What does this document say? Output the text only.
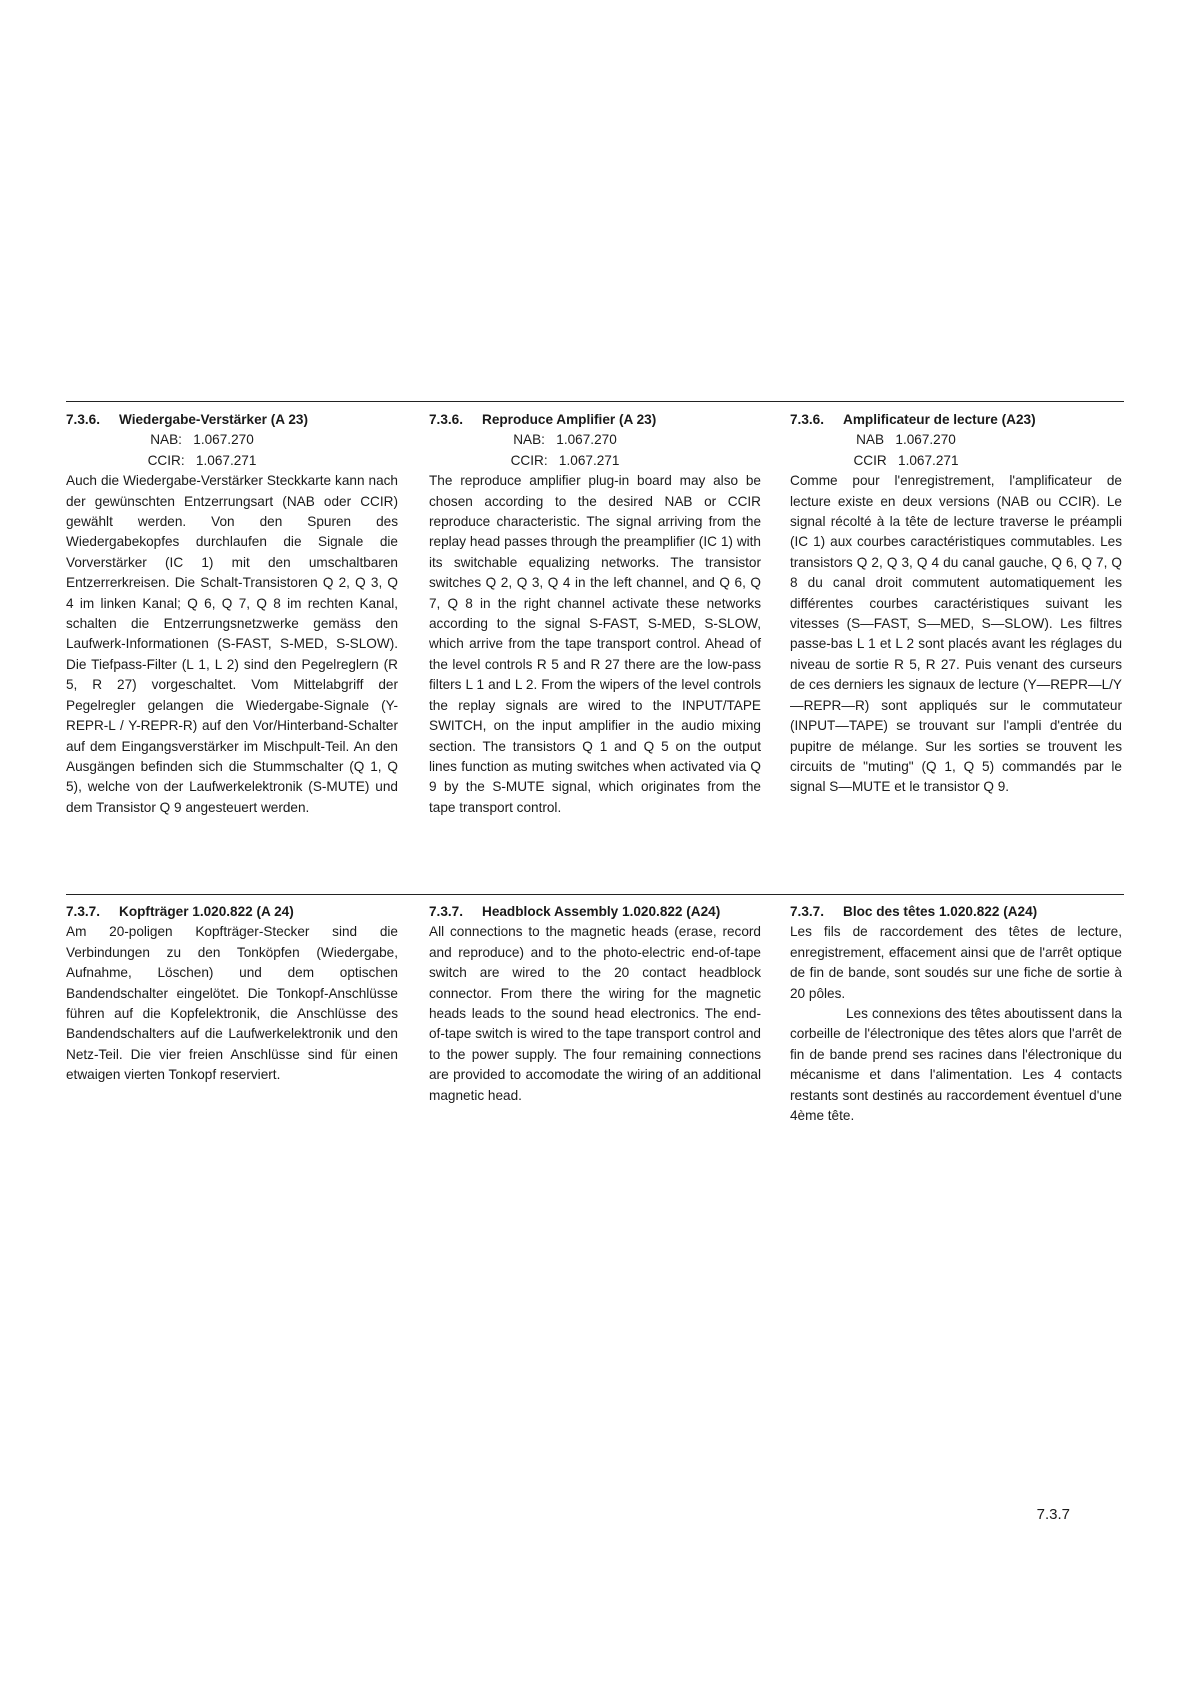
7.3.6. Wiedergabe-Verstärker (A 23)
NAB:   1.067.270
CCIR:   1.067.271
Auch die Wiedergabe-Verstärker Steckkarte kann nach der gewünschten Entzerrungsart (NAB oder CCIR) gewählt werden. Von den Spuren des Wiedergabekopfes durchlaufen die Signale die Vorverstärker (IC 1) mit den umschaltbaren Entzerrerkreisen. Die Schalt-Transistoren Q 2, Q 3, Q 4 im linken Kanal; Q 6, Q 7, Q 8 im rechten Kanal, schalten die Entzerrungsnetzwerke gemäss den Laufwerk-Informationen (S-FAST, S-MED, S-SLOW). Die Tiefpass-Filter (L 1, L 2) sind den Pegelreglern (R 5, R 27) vorgeschaltet. Vom Mittelabgriff der Pegelregler gelangen die Wiedergabe-Signale (Y-REPR-L / Y-REPR-R) auf den Vor/Hinterband-Schalter auf dem Eingangsverstärker im Mischpult-Teil. An den Ausgängen befinden sich die Stummschalter (Q 1, Q 5), welche von der Laufwerkelektronik (S-MUTE) und dem Transistor Q 9 angesteuert werden.
7.3.6. Reproduce Amplifier (A 23)
NAB:   1.067.270
CCIR:   1.067.271
The reproduce amplifier plug-in board may also be chosen according to the desired NAB or CCIR reproduce characteristic. The signal arriving from the replay head passes through the preamplifier (IC 1) with its switchable equalizing networks. The transistor switches Q 2, Q 3, Q 4 in the left channel, and Q 6, Q 7, Q 8 in the right channel activate these networks according to the signal S-FAST, S-MED, S-SLOW, which arrive from the tape transport control. Ahead of the level controls R 5 and R 27 there are the low-pass filters L 1 and L 2. From the wipers of the level controls the replay signals are wired to the INPUT/TAPE SWITCH, on the input amplifier in the audio mixing section. The transistors Q 1 and Q 5 on the output lines function as muting switches when activated via Q 9 by the S-MUTE signal, which originates from the tape transport control.
7.3.6. Amplificateur de lecture (A23)
NAB   1.067.270
CCIR   1.067.271
Comme pour l'enregistrement, l'amplificateur de lecture existe en deux versions (NAB ou CCIR). Le signal récolté à la tête de lecture traverse le préampli (IC 1) aux courbes caractéristiques commutables. Les transistors Q 2, Q 3, Q 4 du canal gauche, Q 6, Q 7, Q 8 du canal droit commutent automatiquement les différentes courbes caractéristiques suivant les vitesses (S—FAST, S—MED, S—SLOW). Les filtres passe-bas L 1 et L 2 sont placés avant les réglages du niveau de sortie R 5, R 27. Puis venant des curseurs de ces derniers les signaux de lecture (Y—REPR—L/Y—REPR—R) sont appliqués sur le commutateur (INPUT—TAPE) se trouvant sur l'ampli d'entrée du pupitre de mélange. Sur les sorties se trouvent les circuits de "muting" (Q 1, Q 5) commandés par le signal S—MUTE et le transistor Q 9.
7.3.7. Kopfträger 1.020.822 (A 24)
Am 20-poligen Kopfträger-Stecker sind die Verbindungen zu den Tonköpfen (Wiedergabe, Aufnahme, Löschen) und dem optischen Bandendschalter eingelötet. Die Tonkopf-Anschlüsse führen auf die Kopfelektronik, die Anschlüsse des Bandendschalters auf die Laufwerkelektronik und den Netz-Teil. Die vier freien Anschlüsse sind für einen etwaigen vierten Tonkopf reserviert.
7.3.7. Headblock Assembly 1.020.822 (A24)
All connections to the magnetic heads (erase, record and reproduce) and to the photo-electric end-of-tape switch are wired to the 20 contact headblock connector. From there the wiring for the magnetic heads leads to the sound head electronics. The end-of-tape switch is wired to the tape transport control and to the power supply. The four remaining connections are provided to accomodate the wiring of an additional magnetic head.
7.3.7. Bloc des têtes 1.020.822 (A24)
Les fils de raccordement des têtes de lecture, enregistrement, effacement ainsi que de l'arrêt optique de fin de bande, sont soudés sur une fiche de sortie à 20 pôles.
Les connexions des têtes aboutissent dans la corbeille de l'électronique des têtes alors que l'arrêt de fin de bande prend ses racines dans l'électronique du mécanisme et dans l'alimentation. Les 4 contacts restants sont destinés au raccordement éventuel d'une 4ème tête.
7.3.7
